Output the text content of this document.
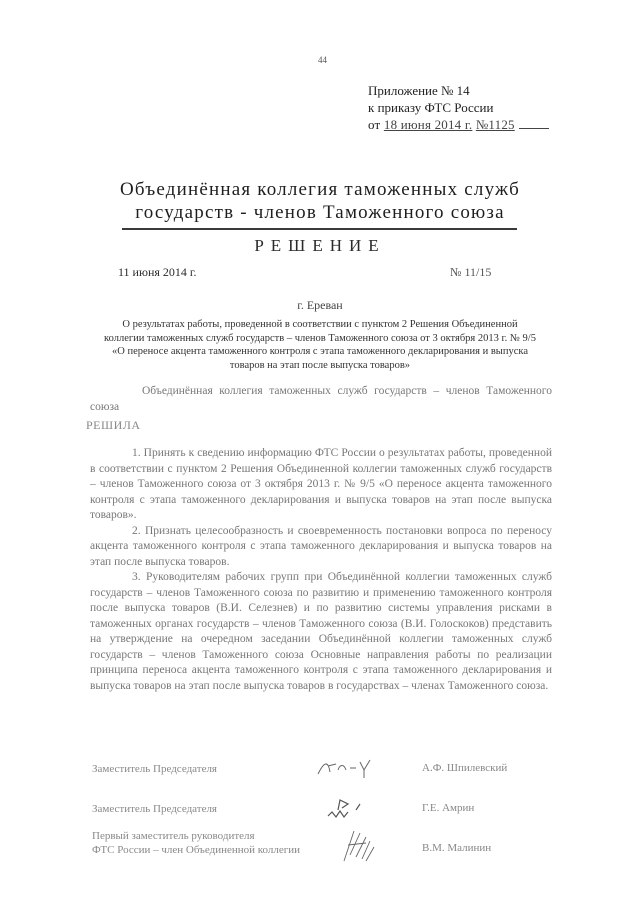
44
Приложение № 14
к приказу ФТС России
от 18 июня 2014 г. №1125
Объединённая коллегия таможенных служб
государств - членов Таможенного союза
РЕШЕНИЕ
11 июня 2014 г.	№ 11/15
г. Ереван
О результатах работы, проведенной в соответствии с пунктом 2 Решения Объединенной коллегии таможенных служб государств – членов Таможенного союза от 3 октября 2013 г. № 9/5 «О переносе акцента таможенного контроля с этапа таможенного декларирования и выпуска товаров на этап после выпуска товаров»
Объединённая коллегия таможенных служб государств – членов Таможенного союза
РЕШИЛА

1. Принять к сведению информацию ФТС России о результатах работы, проведенной в соответствии с пунктом 2 Решения Объединенной коллегии таможенных служб государств – членов Таможенного союза от 3 октября 2013 г. № 9/5 «О переносе акцента таможенного контроля с этапа таможенного декларирования и выпуска товаров на этап после выпуска товаров».

2. Признать целесообразность и своевременность постановки вопроса по переносу акцента таможенного контроля с этапа таможенного декларирования и выпуска товаров на этап после выпуска товаров.

3. Руководителям рабочих групп при Объединённой коллегии таможенных служб государств – членов Таможенного союза по развитию и применению таможенного контроля после выпуска товаров (В.И. Селезнев) и по развитию системы управления рисками в таможенных органах государств – членов Таможенного союза (В.И. Голоскоков) представить на утверждение на очередном заседании Объединённой коллегии таможенных служб государств – членов Таможенного союза Основные направления работы по реализации принципа переноса акцента таможенного контроля с этапа таможенного декларирования и выпуска товаров на этап после выпуска товаров в государствах – членах Таможенного союза.

Заместитель Председателя	А.Ф. Шпилевский
Заместитель Председателя	Г.Е. Амрин
Первый заместитель руководителя
ФТС России – член Объединенной коллегии	В.М. Малинин
